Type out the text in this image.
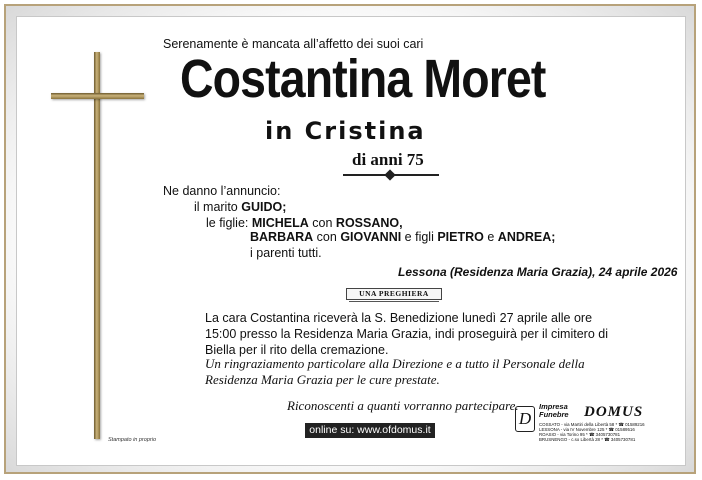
Serenamente è mancata all’affetto dei suoi cari
Costantina Moret
in Cristina
di anni 75
Ne danno l’annuncio:
il marito GUIDO;
le figlie: MICHELA con ROSSANO,
BARBARA con GIOVANNI e figli PIETRO e ANDREA;
i parenti tutti.
Lessona (Residenza Maria Grazia), 24 aprile 2026
UNA PREGHIERA
La cara Costantina riceverà la S. Benedizione lunedì 27 aprile alle ore 15:00 presso la Residenza Maria Grazia, indi proseguirà per il cimitero di Biella per il rito della cremazione.
Un ringraziamento particolare alla Direzione e a tutto il Personale della Residenza Maria Grazia per le cure prestate.
Riconoscenti a quanti vorranno partecipare.
online su: www.ofdomus.it
Stampato in proprio
D
Impresa
Funebre DOMUS
COSSATO - via Martiri della Libertà 58 * ☎ 01589216
LESSONA - via IV Novembre 125 * ☎ 01589516
ROASIO - via Torino 95 * ☎ 3405730781
BRUSNENGO - c.so Libertà 28 * ☎ 3405730781
